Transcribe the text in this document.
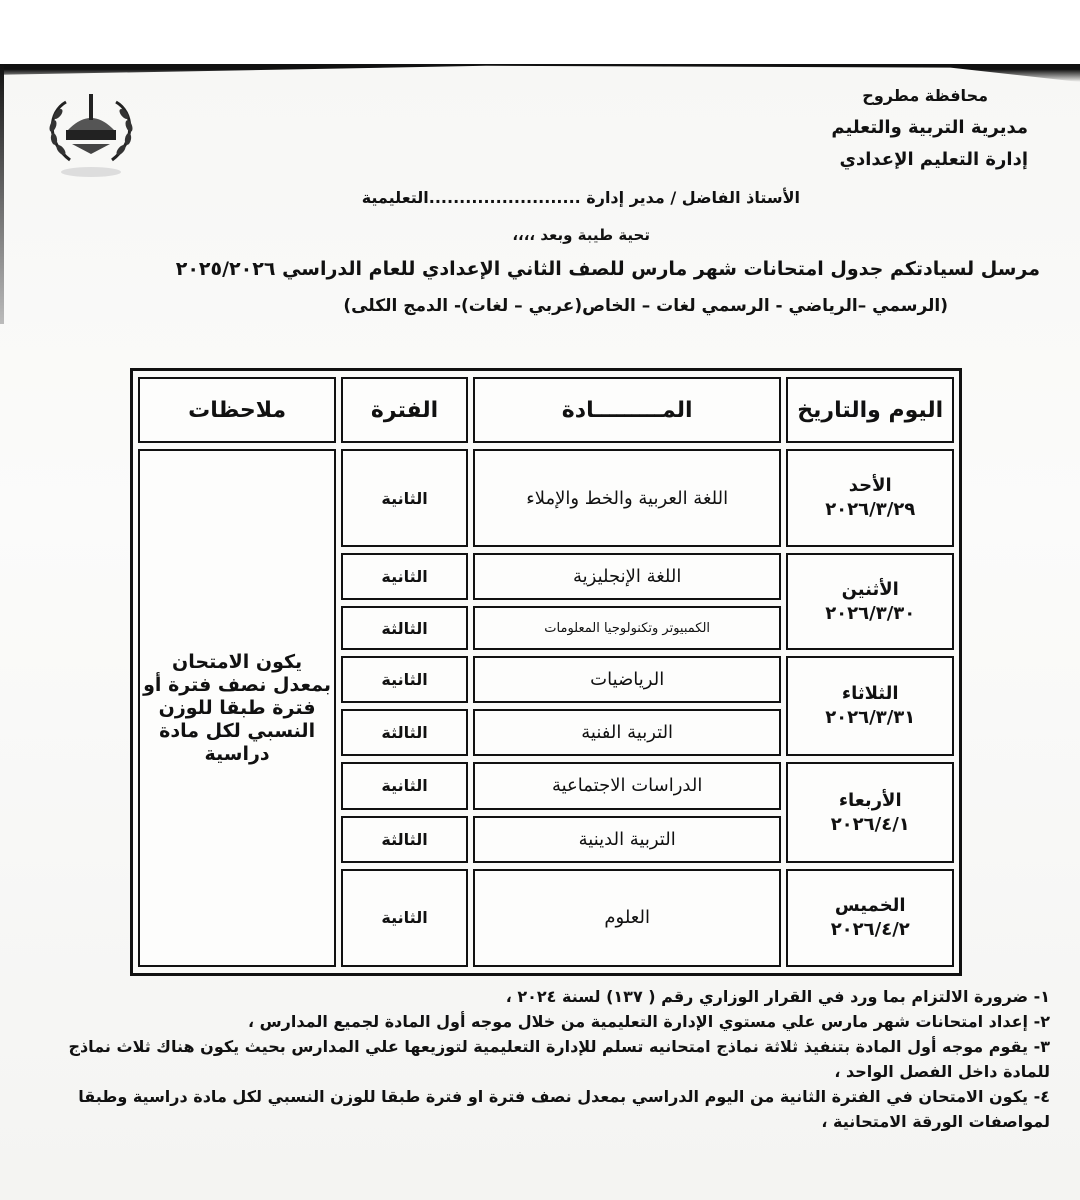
محافظة مطروح
مديرية التربية والتعليم
إدارة التعليم الإعدادي
الأستاذ الفاضل / مدير إدارة .........................التعليمية
تحية طيبة وبعد ،،،،
مرسل لسيادتكم جدول امتحانات شهر مارس للصف الثاني الإعدادي للعام الدراسي ٢٠٢٥/٢٠٢٦
(الرسمي –الرياضي - الرسمي لغات – الخاص(عربي – لغات)- الدمج الكلى)
اليوم والتاريخ	المـــــــــادة	الفترة	ملاحظات

الأحد
٢٠٢٦/٣/٢٩	اللغة العربية والخط والإملاء	الثانية	يكون الامتحان بمعدل نصف فترة أو فترة طبقا للوزن النسبي لكل مادة دراسية

الأثنين
٢٠٢٦/٣/٣٠	اللغة الإنجليزية	الثانية	
	الكمبيوتر وتكنولوجيا المعلومات	الثالثة	

الثلاثاء
٢٠٢٦/٣/٣١	الرياضيات	الثانية	
	التربية الفنية	الثالثة	

الأربعاء
٢٠٢٦/٤/١	الدراسات الاجتماعية	الثانية	
	التربية الدينية	الثالثة	

الخميس
٢٠٢٦/٤/٢	العلوم	الثانية	
١- ضرورة الالتزام بما ورد في القرار الوزاري رقم ( ١٣٧) لسنة ٢٠٢٤ ،
٢- إعداد امتحانات شهر مارس علي مستوي الإدارة التعليمية من خلال موجه أول المادة لجميع المدارس ،
٣- يقوم موجه أول المادة بتنفيذ ثلاثة نماذج امتحانيه تسلم للإدارة التعليمية لتوزيعها علي المدارس بحيث يكون هناك ثلاث نماذج للمادة داخل الفصل الواحد ،
٤- يكون الامتحان في الفترة الثانية من اليوم الدراسي بمعدل نصف فترة او فترة طبقا للوزن النسبي لكل مادة دراسية وطبقا لمواصفات الورقة الامتحانية ،
